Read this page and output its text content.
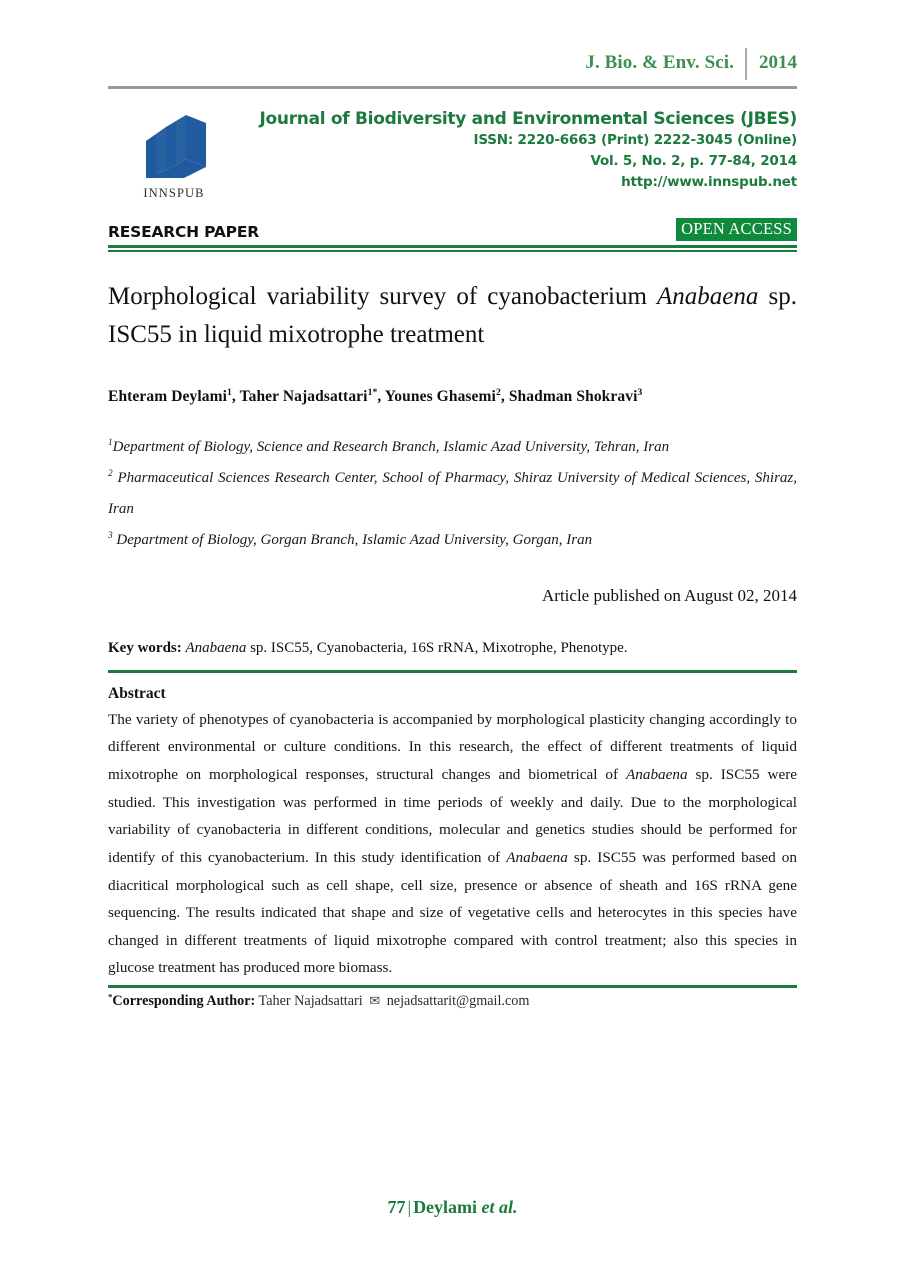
J. Bio. & Env. Sci.	2014
INNSPUB
Journal of Biodiversity and Environmental Sciences (JBES)
ISSN: 2220-6663 (Print) 2222-3045 (Online)
Vol. 5, No. 2, p. 77-84, 2014
http://www.innspub.net
RESEARCH PAPER	OPEN ACCESS
Morphological variability survey of cyanobacterium Anabaena sp. ISC55 in liquid mixotrophe treatment
Ehteram Deylami$^1$, Taher Najadsattari$^{1*}$, Younes Ghasemi$^2$, Shadman Shokravi$^3$
$^1$Department of Biology, Science and Research Branch, Islamic Azad University, Tehran, Iran
$^2$ Pharmaceutical Sciences Research Center, School of Pharmacy, Shiraz University of Medical Sciences, Shiraz, Iran
$^3$ Department of Biology, Gorgan Branch, Islamic Azad University, Gorgan, Iran
Article published on August 02, 2014
Key words: Anabaena sp. ISC55, Cyanobacteria, 16S rRNA, Mixotrophe, Phenotype.
Abstract
The variety of phenotypes of cyanobacteria is accompanied by morphological plasticity changing accordingly to different environmental or culture conditions. In this research, the effect of different treatments of liquid mixotrophe on morphological responses, structural changes and biometrical of Anabaena sp. ISC55 were studied. This investigation was performed in time periods of weekly and daily. Due to the morphological variability of cyanobacteria in different conditions, molecular and genetics studies should be performed for identify of this cyanobacterium. In this study identification of Anabaena sp. ISC55 was performed based on diacritical morphological such as cell shape, cell size, presence or absence of sheath and 16S rRNA gene sequencing. The results indicated that shape and size of vegetative cells and heterocytes in this species have changed in different treatments of liquid mixotrophe compared with control treatment; also this species in glucose treatment has produced more biomass.
*Corresponding Author: Taher Najadsattari ✉ nejadsattarit@gmail.com
77 | Deylami et al.
